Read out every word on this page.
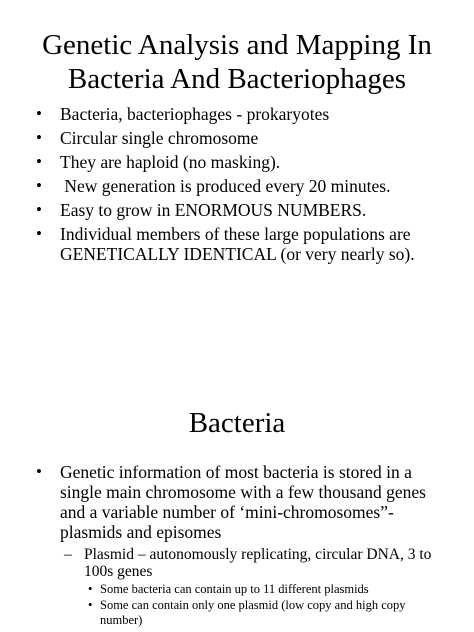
Genetic Analysis and Mapping In
Bacteria And Bacteriophages
• Bacteria, bacteriophages - prokaryotes
• Circular single chromosome
• They are haploid (no masking).
• New generation is produced every 20 minutes.
• Easy to grow in ENORMOUS NUMBERS.
• Individual members of these large populations are GENETICALLY IDENTICAL (or very nearly so).
Bacteria
• Genetic information of most bacteria is stored in a single main chromosome with a few thousand genes and a variable number of ‘mini-chromosomes”- plasmids and episomes
– Plasmid – autonomously replicating, circular DNA, 3 to 100s genes
• Some bacteria can contain up to 11 different plasmids
• Some can contain only one plasmid (low copy and high copy number)
